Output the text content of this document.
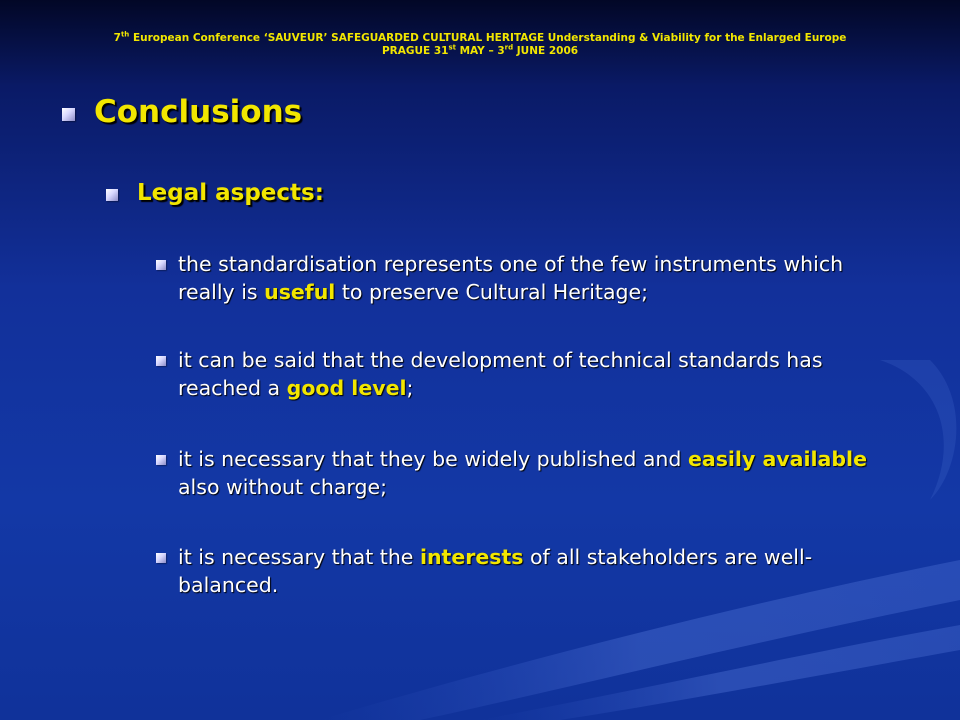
7th European Conference ‘SAUVEUR’ SAFEGUARDED CULTURAL HERITAGE Understanding & Viability for the Enlarged Europe
PRAGUE 31st MAY – 3rd JUNE 2006
Conclusions
Legal aspects:
the standardisation represents one of the few instruments which really is useful to preserve Cultural Heritage;
it can be said that the development of technical standards has reached a good level;
it is necessary that they be widely published and easily available also without charge;
it is necessary that the interests of all stakeholders are well-balanced.
